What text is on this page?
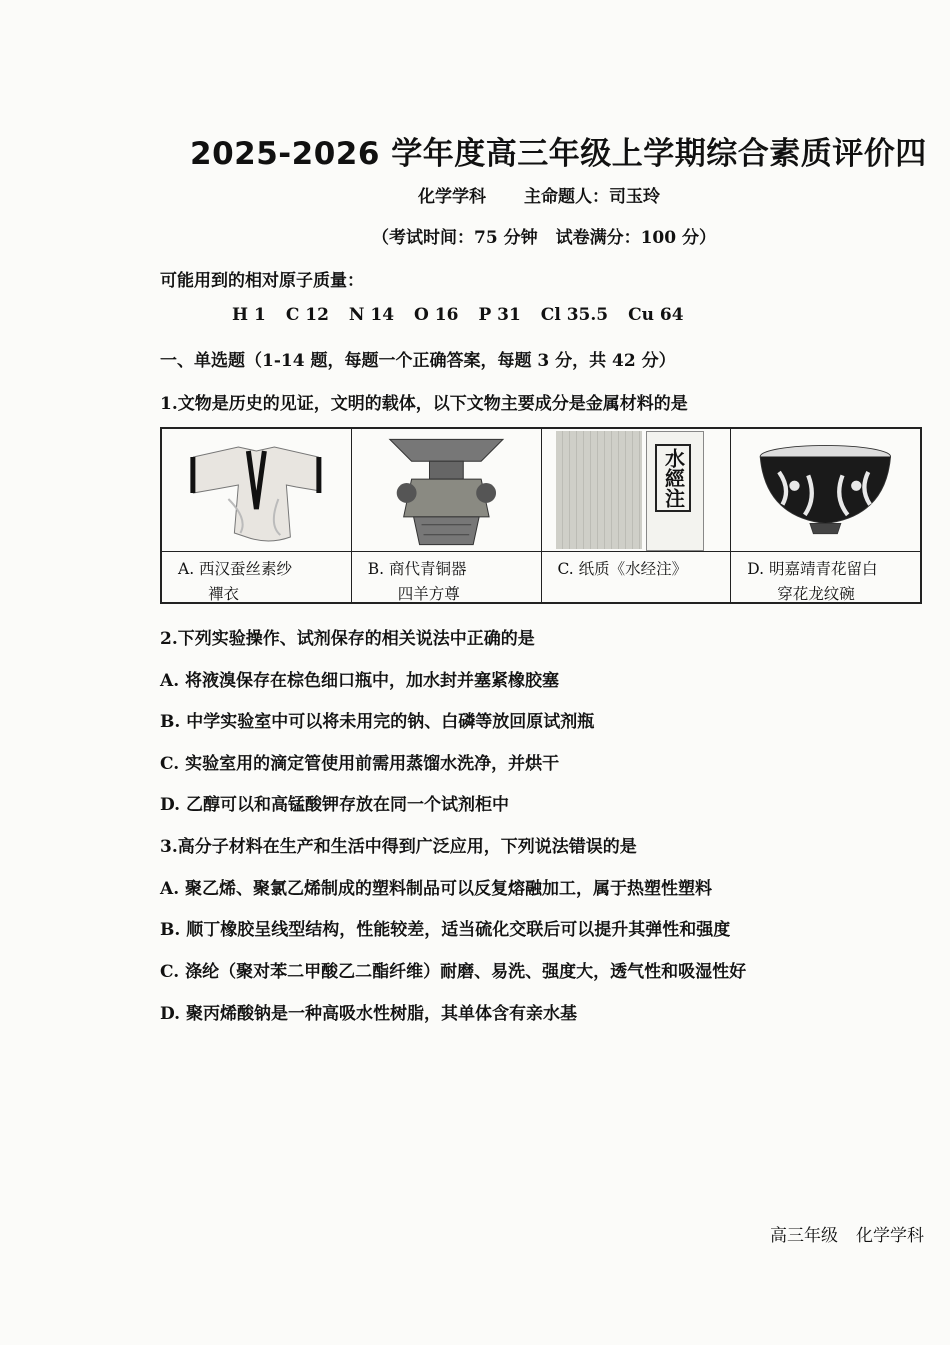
2025-2026 学年度高三年级上学期综合素质评价四
化学学科 主命题人：司玉玲
（考试时间：75 分钟 试卷满分：100 分）
可能用到的相对原子质量：
H 1 C 12 N 14 O 16 P 31 Cl 35.5 Cu 64
一、单选题（1-14 题，每题一个正确答案，每题 3 分，共 42 分）
1.文物是历史的见证，文明的载体，以下文物主要成分是金属材料的是
A. 西汉蚕丝素纱
襌衣
B. 商代青铜器
四羊方尊
水經注
C. 纸质《水经注》	D. 明嘉靖青花留白
穿花龙纹碗
2.下列实验操作、试剂保存的相关说法中正确的是
A. 将液溴保存在棕色细口瓶中，加水封并塞紧橡胶塞
B. 中学实验室中可以将未用完的钠、白磷等放回原试剂瓶
C. 实验室用的滴定管使用前需用蒸馏水洗净，并烘干
D. 乙醇可以和高锰酸钾存放在同一个试剂柜中
3.高分子材料在生产和生活中得到广泛应用，下列说法错误的是
A. 聚乙烯、聚氯乙烯制成的塑料制品可以反复熔融加工，属于热塑性塑料
B. 顺丁橡胶呈线型结构，性能较差，适当硫化交联后可以提升其弹性和强度
C. 涤纶（聚对苯二甲酸乙二酯纤维）耐磨、易洗、强度大，透气性和吸湿性好
D. 聚丙烯酸钠是一种高吸水性树脂，其单体含有亲水基
高三年级 化学学科
